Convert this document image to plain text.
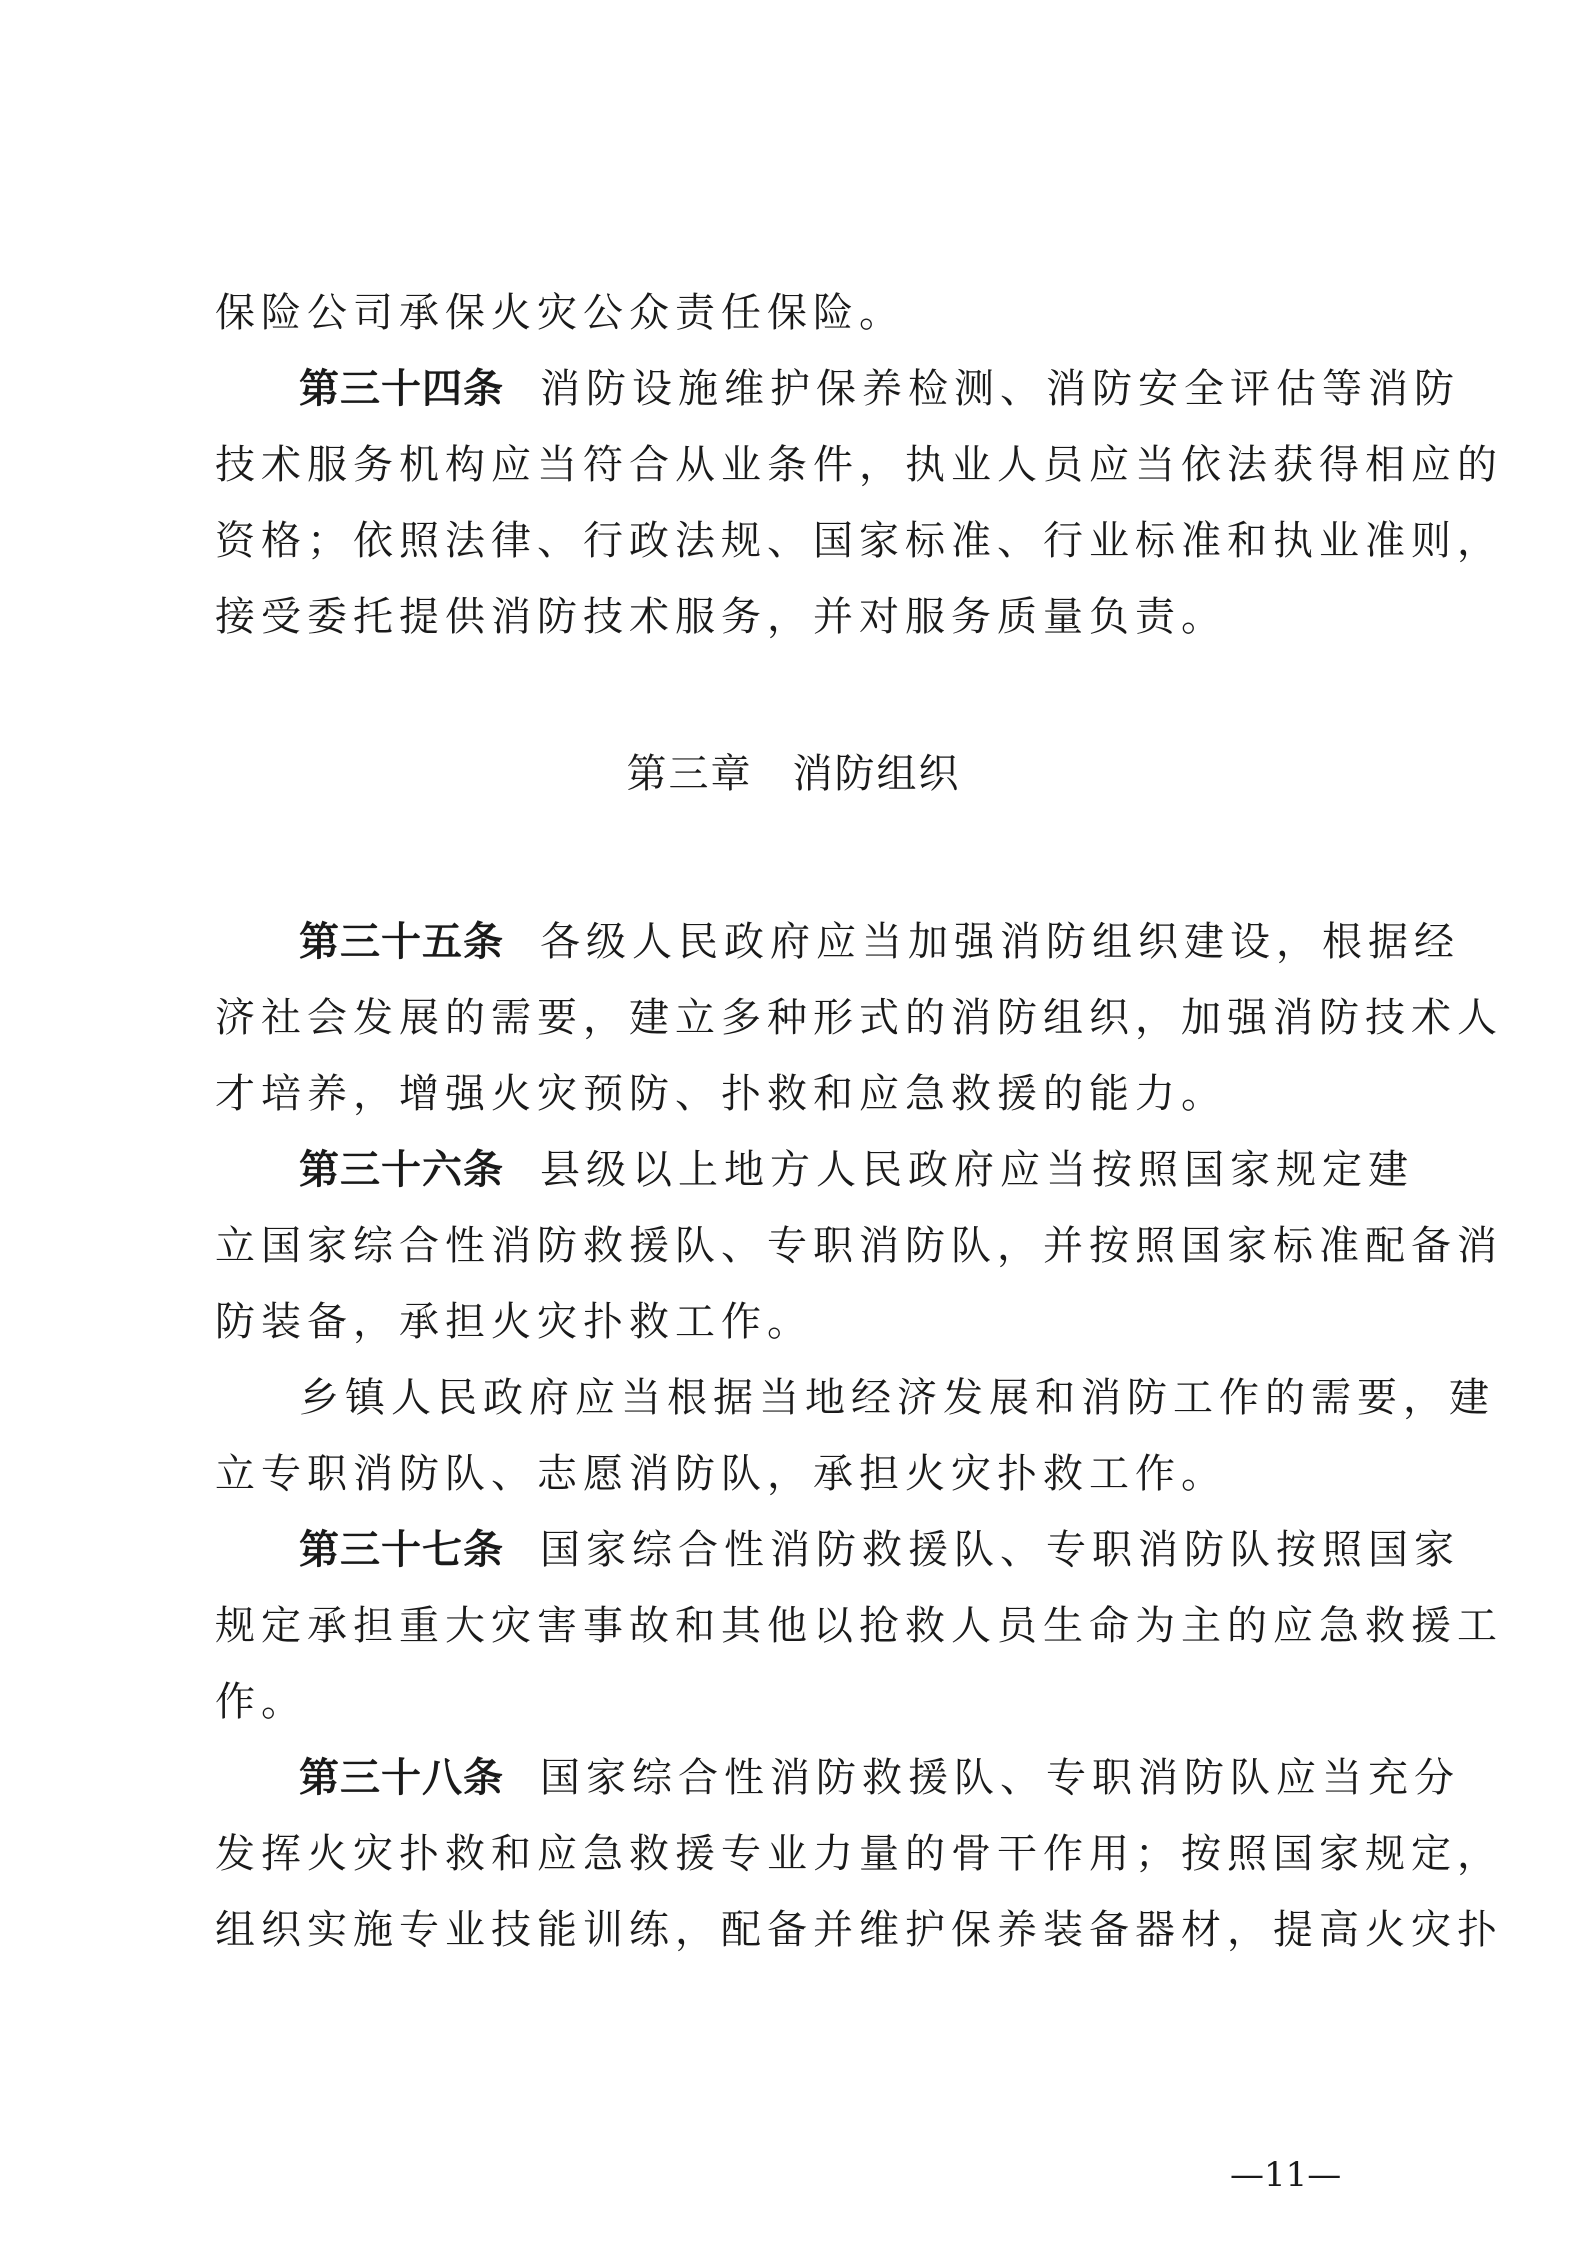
保险公司承保火灾公众责任保险。
第三十四条 消防设施维护保养检测、消防安全评估等消防
技术服务机构应当符合从业条件，执业人员应当依法获得相应的
资格；依照法律、行政法规、国家标准、行业标准和执业准则，
接受委托提供消防技术服务，并对服务质量负责。
第三章 消防组织
第三十五条 各级人民政府应当加强消防组织建设，根据经
济社会发展的需要，建立多种形式的消防组织，加强消防技术人
才培养，增强火灾预防、扑救和应急救援的能力。
第三十六条 县级以上地方人民政府应当按照国家规定建
立国家综合性消防救援队、专职消防队，并按照国家标准配备消
防装备，承担火灾扑救工作。
乡镇人民政府应当根据当地经济发展和消防工作的需要，建
立专职消防队、志愿消防队，承担火灾扑救工作。
第三十七条 国家综合性消防救援队、专职消防队按照国家
规定承担重大灾害事故和其他以抢救人员生命为主的应急救援工
作。
第三十八条 国家综合性消防救援队、专职消防队应当充分
发挥火灾扑救和应急救援专业力量的骨干作用；按照国家规定，
组织实施专业技能训练，配备并维护保养装备器材，提高火灾扑
—11—
